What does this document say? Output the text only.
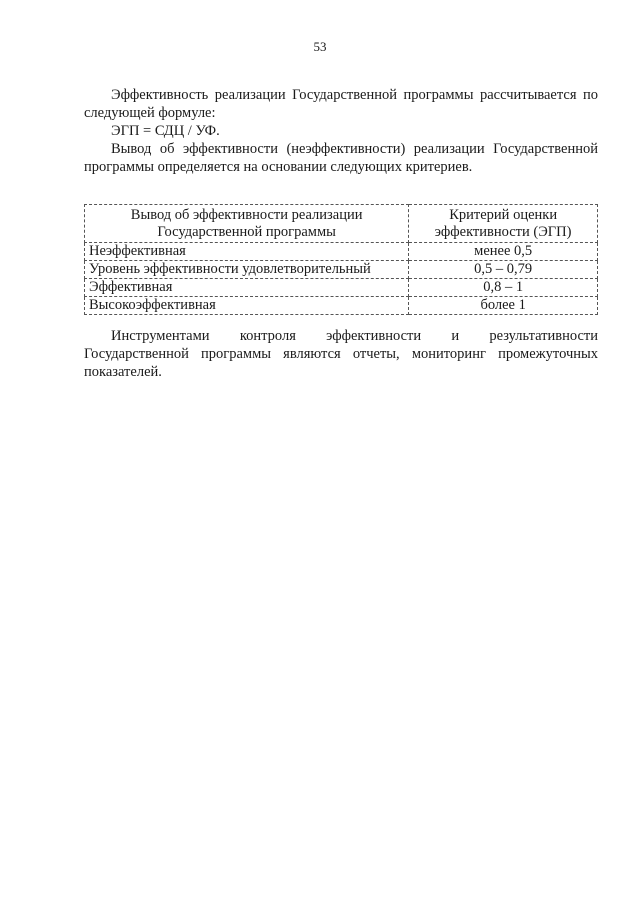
53

Эффективность реализации Государственной программы рассчитывается по следующей формуле:

ЭГП = СДЦ / УФ.

Вывод об эффективности (неэффективности) реализации Государственной программы определяется на основании следующих критериев.

Вывод об эффективности реализации Государственной программы	Критерий оценки эффективности (ЭГП)
Неэффективная	менее 0,5
Уровень эффективности удовлетворительный	0,5 – 0,79
Эффективная	0,8 – 1
Высокоэффективная	более 1

Инструментами контроля эффективности и результативности Государственной программы являются отчеты, мониторинг промежуточных показателей.
